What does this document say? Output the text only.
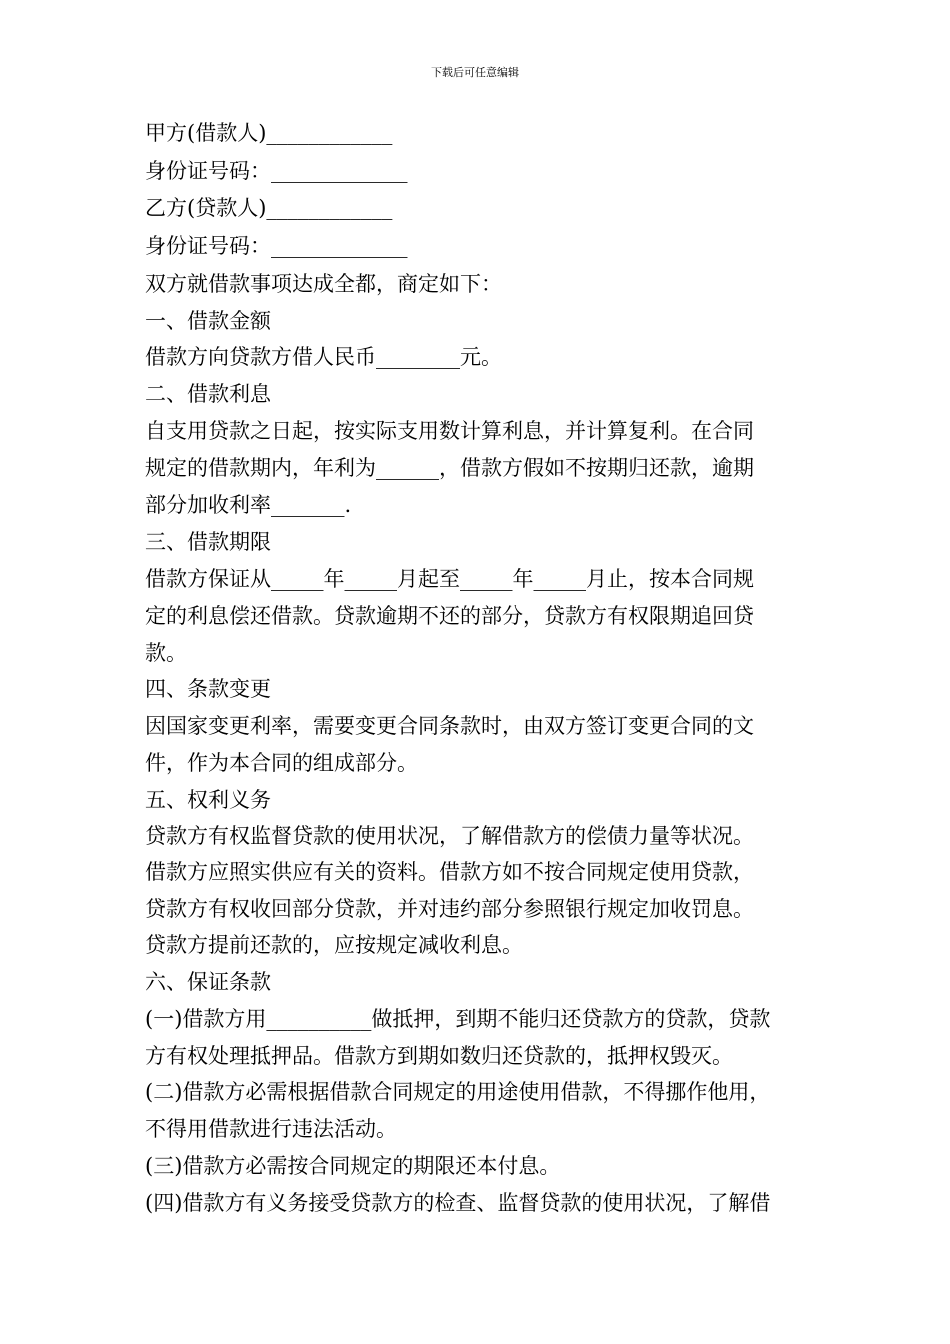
下载后可任意编辑
甲方(借款人)____________
身份证号码：_____________
乙方(贷款人)____________
身份证号码：_____________
双方就借款事项达成全都，商定如下：
一、借款金额
借款方向贷款方借人民币________元。
二、借款利息
自支用贷款之日起，按实际支用数计算利息，并计算复利。在合同
规定的借款期内，年利为______，借款方假如不按期归还款，逾期
部分加收利率_______.
三、借款期限
借款方保证从_____年_____月起至_____年_____月止，按本合同规
定的利息偿还借款。贷款逾期不还的部分，贷款方有权限期追回贷
款。
四、条款变更
因国家变更利率，需要变更合同条款时，由双方签订变更合同的文
件，作为本合同的组成部分。
五、权利义务
贷款方有权监督贷款的使用状况，了解借款方的偿债力量等状况。
借款方应照实供应有关的资料。借款方如不按合同规定使用贷款，
贷款方有权收回部分贷款，并对违约部分参照银行规定加收罚息。
贷款方提前还款的，应按规定减收利息。
六、保证条款
(一)借款方用__________做抵押，到期不能归还贷款方的贷款，贷款
方有权处理抵押品。借款方到期如数归还贷款的，抵押权毁灭。
(二)借款方必需根据借款合同规定的用途使用借款，不得挪作他用，
不得用借款进行违法活动。
(三)借款方必需按合同规定的期限还本付息。
(四)借款方有义务接受贷款方的检查、监督贷款的使用状况，了解借
